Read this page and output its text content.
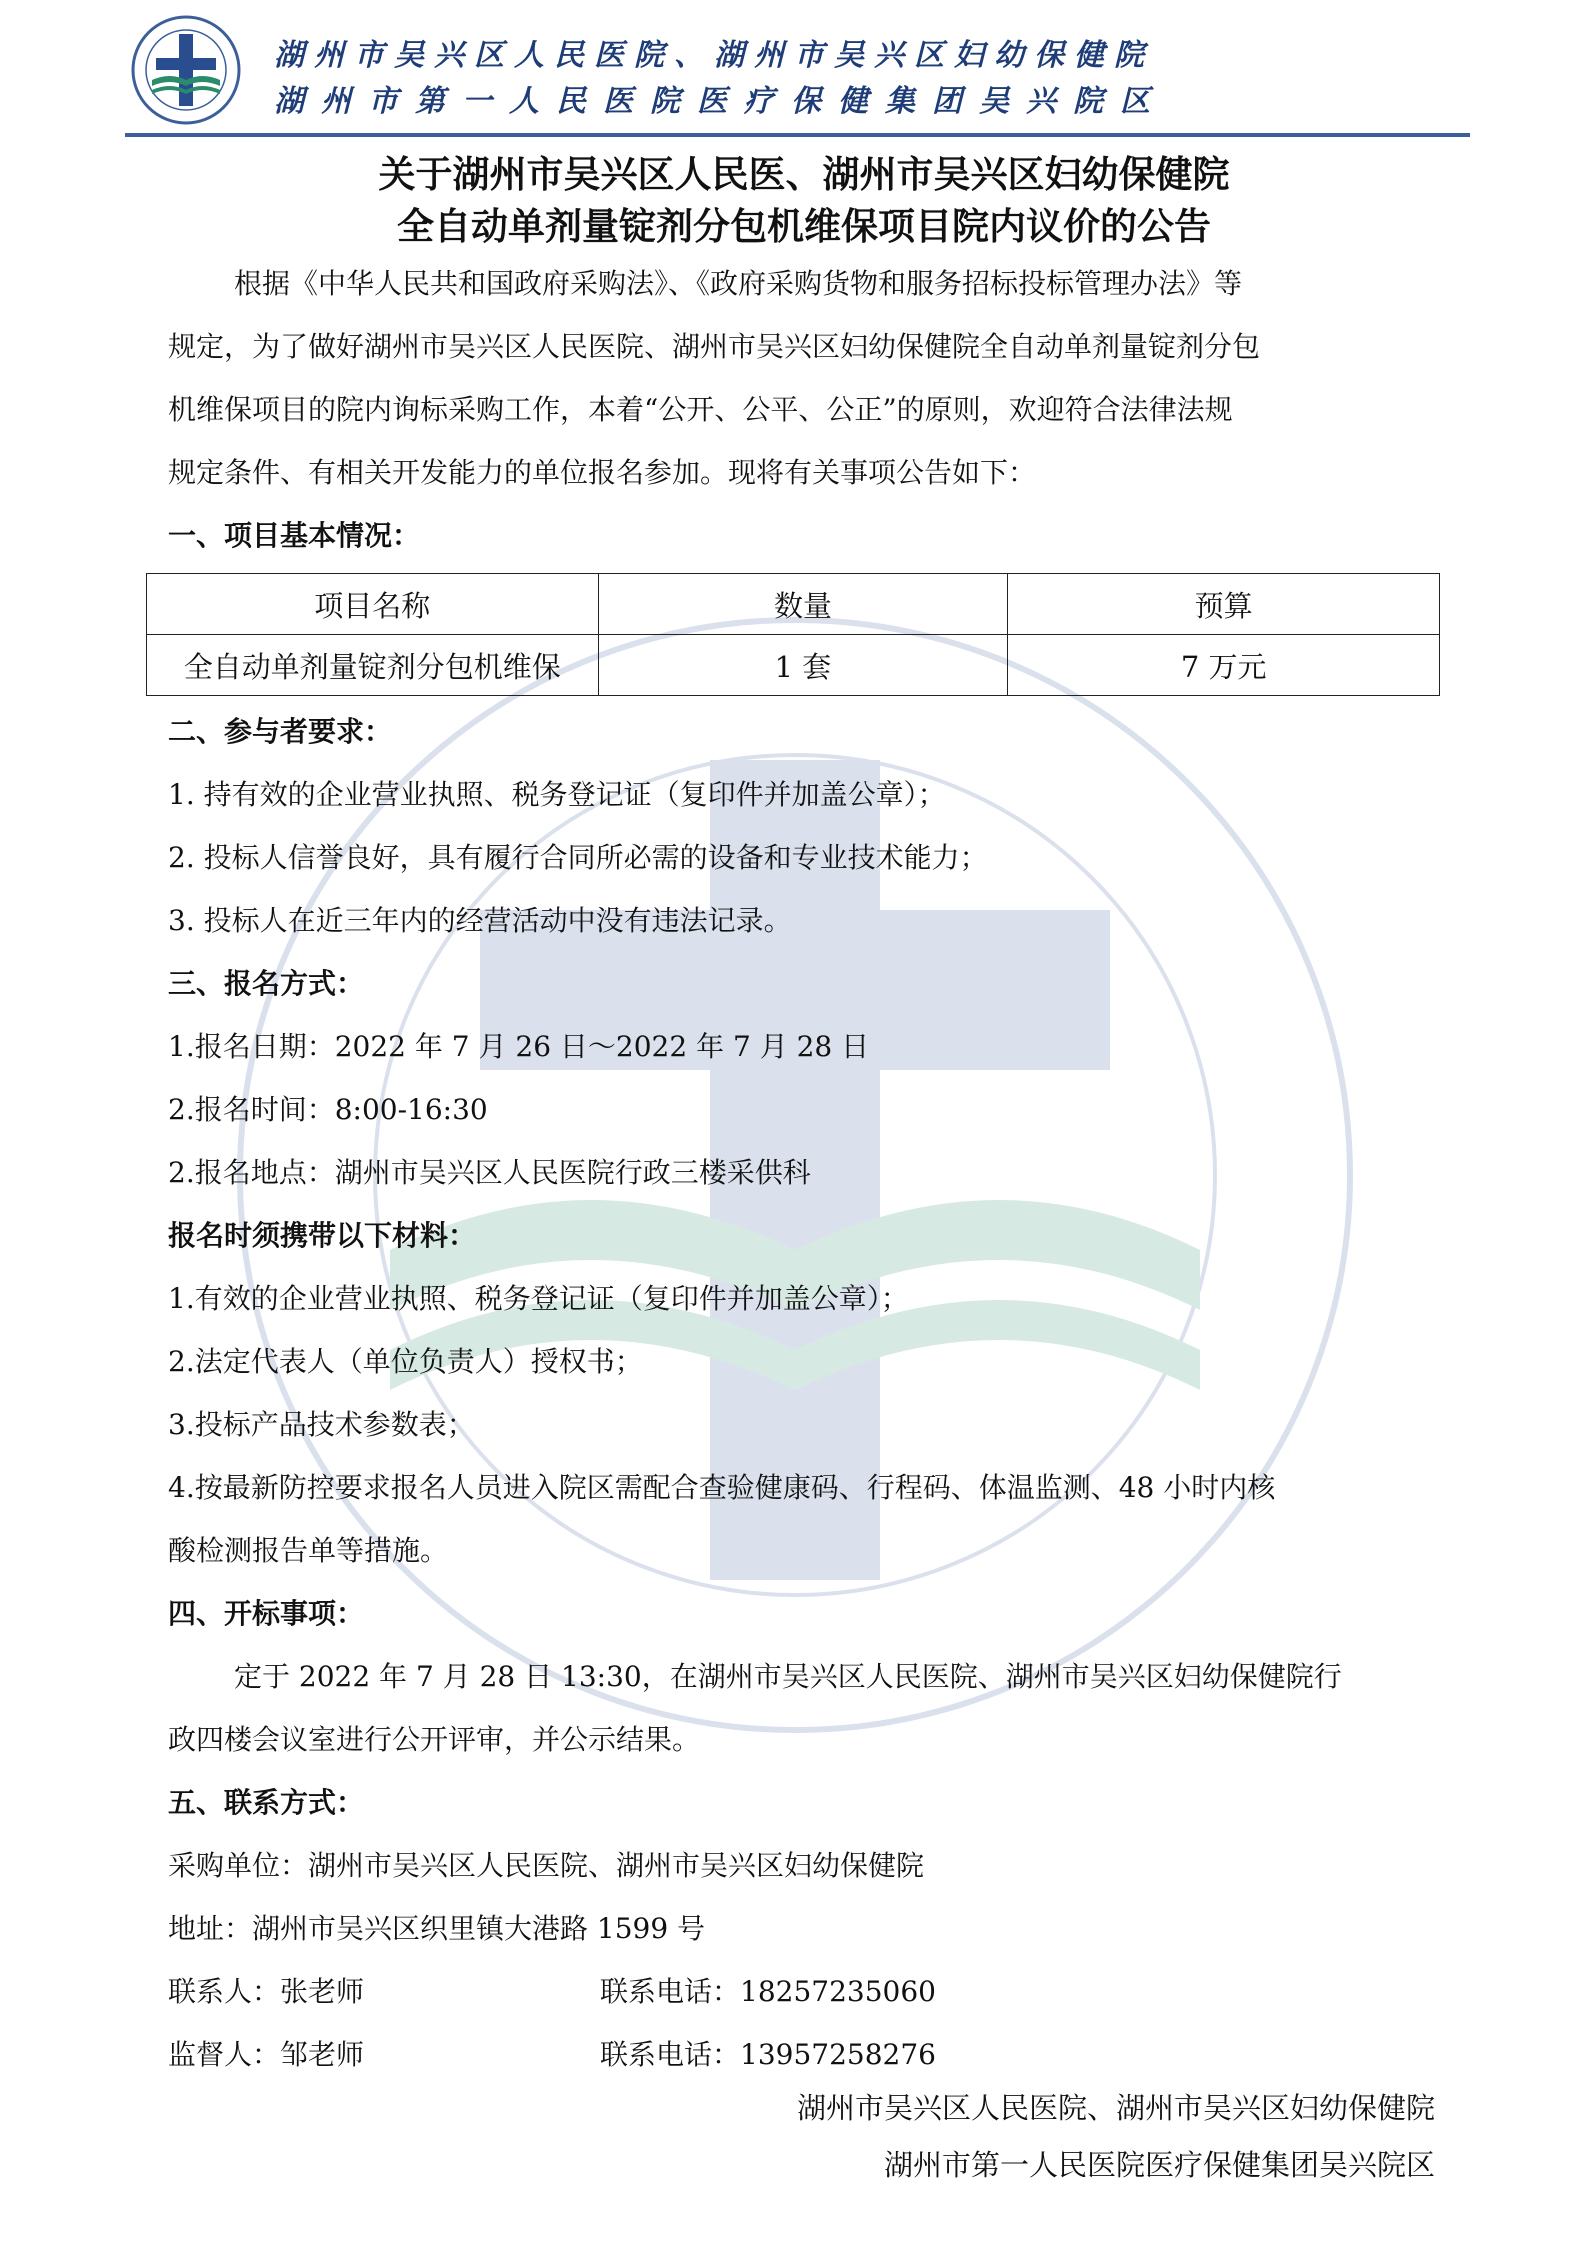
湖州市吴兴区人民医院、湖州市吴兴区妇幼保健院
湖州市第一人民医院医疗保健集团吴兴院区

关于湖州市吴兴区人民医、湖州市吴兴区妇幼保健院

全自动单剂量锭剂分包机维保项目院内议价的公告

根据《中华人民共和国政府采购法》、《政府采购货物和服务招标投标管理办法》等

规定，为了做好湖州市吴兴区人民医院、湖州市吴兴区妇幼保健院全自动单剂量锭剂分包

机维保项目的院内询标采购工作，本着“公开、公平、公正”的原则，欢迎符合法律法规

规定条件、有相关开发能力的单位报名参加。现将有关事项公告如下：

一、项目基本情况：

项目名称	数量	预算
全自动单剂量锭剂分包机维保	1 套	7 万元

二、参与者要求：

1. 持有效的企业营业执照、税务登记证（复印件并加盖公章）；

2. 投标人信誉良好，具有履行合同所必需的设备和专业技术能力；

3. 投标人在近三年内的经营活动中没有违法记录。

三、报名方式：

1.报名日期：2022 年 7 月 26 日～2022 年 7 月 28 日

2.报名时间：8:00-16:30

2.报名地点：湖州市吴兴区人民医院行政三楼采供科

报名时须携带以下材料：

1.有效的企业营业执照、税务登记证（复印件并加盖公章）；

2.法定代表人（单位负责人）授权书；

3.投标产品技术参数表；

4.按最新防控要求报名人员进入院区需配合查验健康码、行程码、体温监测、48 小时内核

酸检测报告单等措施。

四、开标事项：

定于 2022 年 7 月 28 日 13:30，在湖州市吴兴区人民医院、湖州市吴兴区妇幼保健院行

政四楼会议室进行公开评审，并公示结果。

五、联系方式：

采购单位：湖州市吴兴区人民医院、湖州市吴兴区妇幼保健院

地址：湖州市吴兴区织里镇大港路 1599 号

联系人：张老师	联系电话：18257235060
监督人：邹老师	联系电话：13957258276
湖州市吴兴区人民医院、湖州市吴兴区妇幼保健院
湖州市第一人民医院医疗保健集团吴兴院区
